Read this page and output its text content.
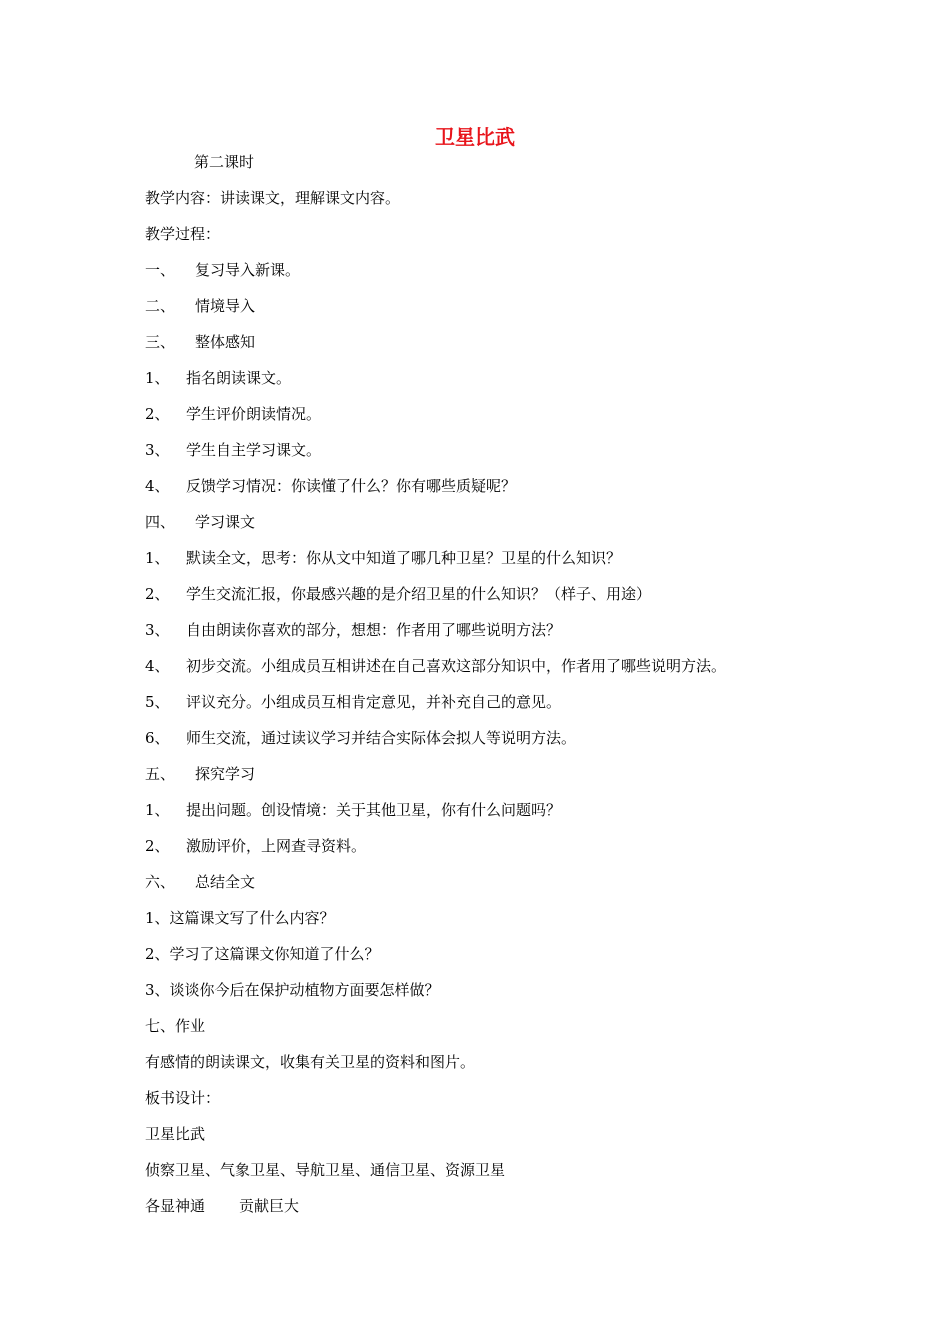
卫星比武
第二课时
教学内容：讲读课文，理解课文内容。
教学过程：
一、 复习导入新课。
二、 情境导入
三、 整体感知
1、 指名朗读课文。
2、 学生评价朗读情况。
3、 学生自主学习课文。
4、 反馈学习情况：你读懂了什么？你有哪些质疑呢？
四、 学习课文
1、 默读全文，思考：你从文中知道了哪几种卫星？卫星的什么知识？
2、 学生交流汇报，你最感兴趣的是介绍卫星的什么知识？（样子、用途）
3、 自由朗读你喜欢的部分，想想：作者用了哪些说明方法？
4、 初步交流。小组成员互相讲述在自己喜欢这部分知识中，作者用了哪些说明方法。
5、 评议充分。小组成员互相肯定意见，并补充自己的意见。
6、 师生交流，通过读议学习并结合实际体会拟人等说明方法。
五、 探究学习
1、 提出问题。创设情境：关于其他卫星，你有什么问题吗？
2、 激励评价，上网查寻资料。
六、 总结全文
1、这篇课文写了什么内容？
2、学习了这篇课文你知道了什么？
3、谈谈你今后在保护动植物方面要怎样做？
七、作业
有感情的朗读课文，收集有关卫星的资料和图片。
板书设计：
卫星比武
侦察卫星、气象卫星、导航卫星、通信卫星、资源卫星
各显神通 贡献巨大
